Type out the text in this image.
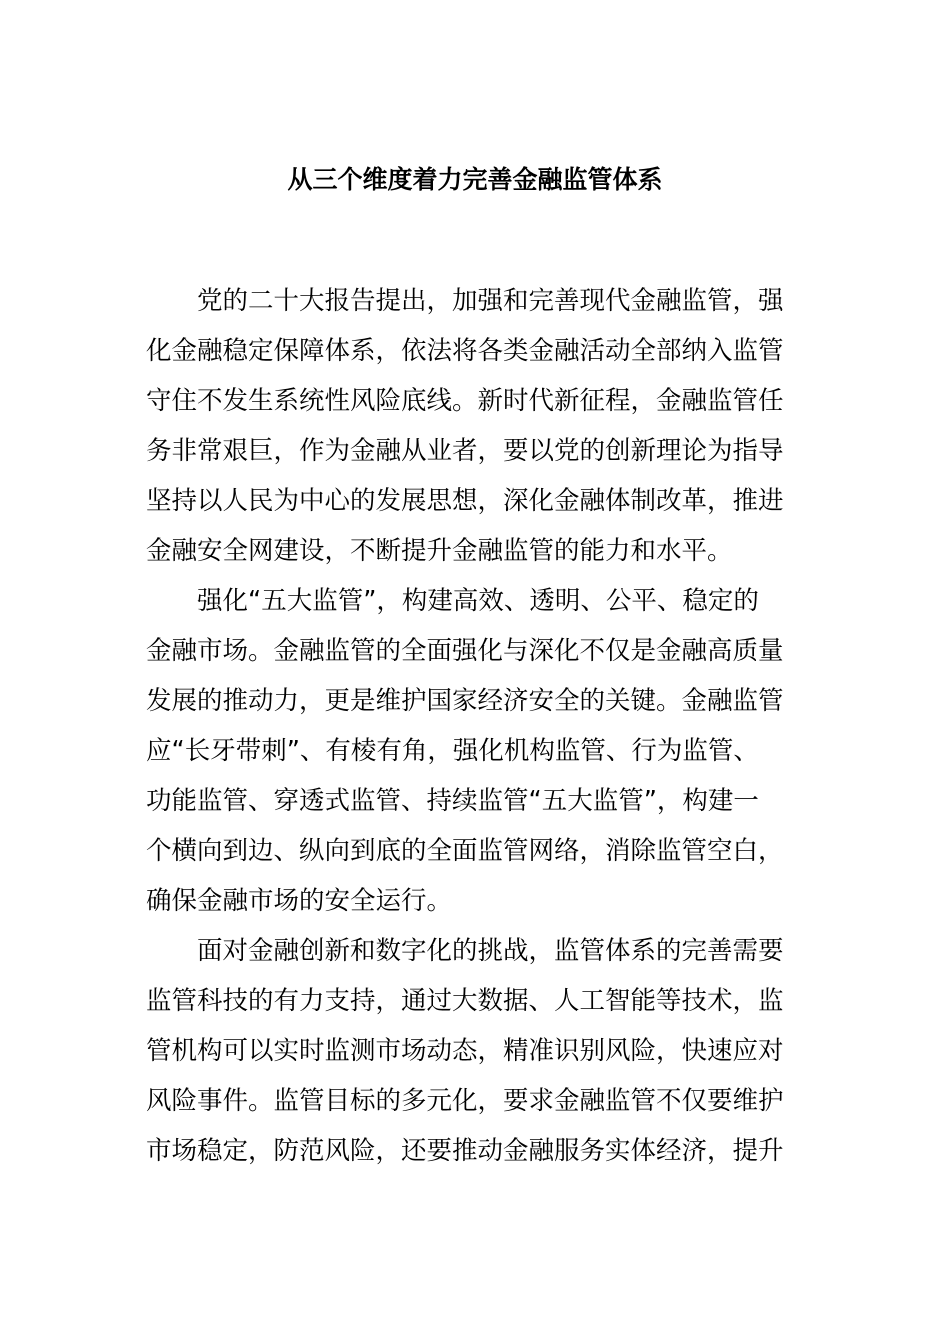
从三个维度着力完善金融监管体系

党的二十大报告提出，加强和完善现代金融监管，强
化金融稳定保障体系，依法将各类金融活动全部纳入监管
守住不发生系统性风险底线。新时代新征程，金融监管任
务非常艰巨，作为金融从业者，要以党的创新理论为指导
坚持以人民为中心的发展思想，深化金融体制改革，推进
金融安全网建设，不断提升金融监管的能力和水平。

强化“五大监管”，构建高效、透明、公平、稳定的
金融市场。金融监管的全面强化与深化不仅是金融高质量
发展的推动力，更是维护国家经济安全的关键。金融监管
应“长牙带刺”、有棱有角，强化机构监管、行为监管、
功能监管、穿透式监管、持续监管“五大监管”，构建一
个横向到边、纵向到底的全面监管网络，消除监管空白，
确保金融市场的安全运行。

面对金融创新和数字化的挑战，监管体系的完善需要
监管科技的有力支持，通过大数据、人工智能等技术，监
管机构可以实时监测市场动态，精准识别风险，快速应对
风险事件。监管目标的多元化，要求金融监管不仅要维护
市场稳定，防范风险，还要推动金融服务实体经济，提升
